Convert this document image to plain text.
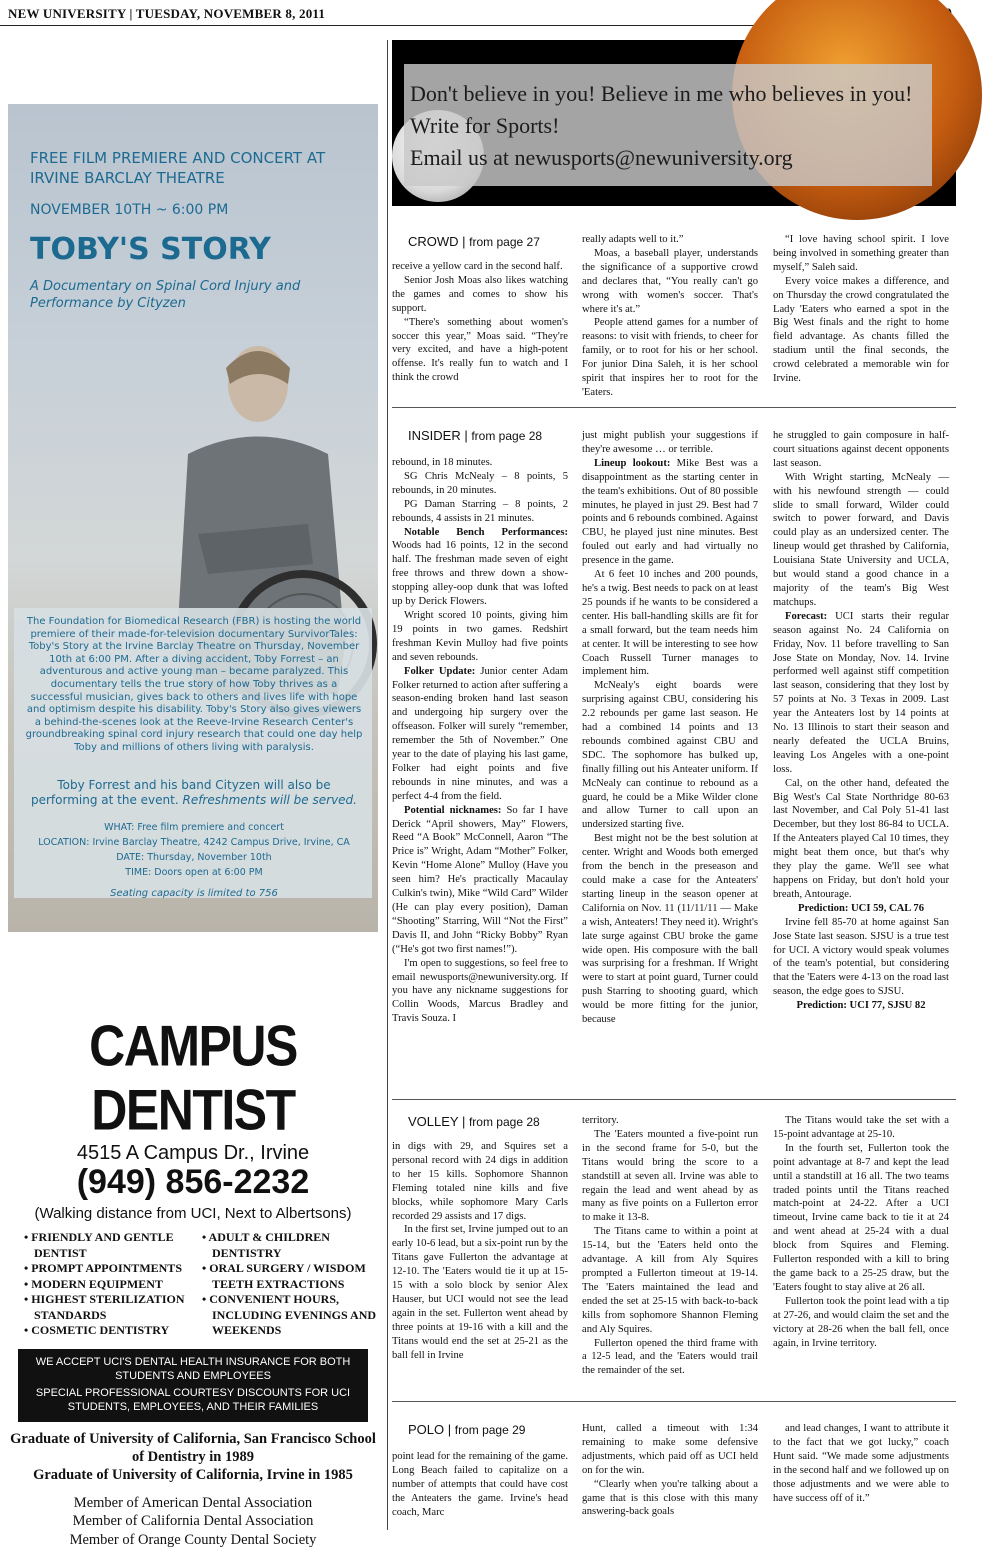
NEW UNIVERSITY | TUESDAY, NOVEMBER 8, 2011
FREE FILM PREMIERE AND CONCERT AT IRVINE BARCLAY THEATRE
NOVEMBER 10TH ~ 6:00 PM
TOBY'S STORY
A Documentary on Spinal Cord Injury and Performance by Cityzen
The Foundation for Biomedical Research (FBR) is hosting the world premiere of their made-for-television documentary SurvivorTales: Toby's Story at the Irvine Barclay Theatre on Thursday, November 10th at 6:00 PM. After a diving accident, Toby Forrest – an adventurous and active young man – became paralyzed. This documentary tells the true story of how Toby thrives as a successful musician, gives back to others and lives life with hope and optimism despite his disability. Toby's Story also gives viewers a behind-the-scenes look at the Reeve-Irvine Research Center's groundbreaking spinal cord injury research that could one day help Toby and millions of others living with paralysis.
Toby Forrest and his band Cityzen will also be performing at the event. Refreshments will be served.
WHAT: Free film premiere and concert
LOCATION: Irvine Barclay Theatre, 4242 Campus Drive, Irvine, CA
DATE: Thursday, November 10th
TIME: Doors open at 6:00 PM
Seating capacity is limited to 756
CAMPUS DENTIST
4515 A Campus Dr., Irvine
(949) 856-2232
(Walking distance from UCI, Next to Albertsons)
• FRIENDLY AND GENTLE DENTIST
• PROMPT APPOINTMENTS
• MODERN EQUIPMENT
• HIGHEST STERILIZATION STANDARDS
• COSMETIC DENTISTRY
• ADULT & CHILDREN DENTISTRY
• ORAL SURGERY / WISDOM TEETH EXTRACTIONS
• CONVENIENT HOURS, INCLUDING EVENINGS AND WEEKENDS
WE ACCEPT UCI'S DENTAL HEALTH INSURANCE FOR BOTH STUDENTS AND EMPLOYEES
SPECIAL PROFESSIONAL COURTESY DISCOUNTS FOR UCI STUDENTS, EMPLOYEES, AND THEIR FAMILIES
Graduate of University of California, San Francisco School of Dentistry in 1989
Graduate of University of California, Irvine in 1985
Member of American Dental Association
Member of California Dental Association
Member of Orange County Dental Society
Don't believe in you! Believe in me who believes in you! Write for Sports!
Email us at newusports@newuniversity.org
CROWD | from page 27

receive a yellow card in the second half.

Senior Josh Moas also likes watching the games and comes to show his support.

“There's something about women's soccer this year,” Moas said. “They're very excited, and have a high-potent offense. It's really fun to watch and I think the crowd

really adapts well to it.”

Moas, a baseball player, understands the significance of a supportive crowd and declares that, “You really can't go wrong with women's soccer. That's where it's at.”

People attend games for a number of reasons: to visit with friends, to cheer for family, or to root for his or her school. For junior Dina Saleh, it is her school spirit that inspires her to root for the 'Eaters.

“I love having school spirit. I love being involved in something greater than myself,” Saleh said.

Every voice makes a difference, and on Thursday the crowd congratulated the Lady 'Eaters who earned a spot in the Big West finals and the right to home field advantage. As chants filled the stadium until the final seconds, the crowd celebrated a memorable win for Irvine.

INSIDER | from page 28

rebound, in 18 minutes.

SG Chris McNealy – 8 points, 5 rebounds, in 20 minutes.

PG Daman Starring – 8 points, 2 rebounds, 4 assists in 21 minutes.

Notable Bench Performances: Woods had 16 points, 12 in the second half. The freshman made seven of eight free throws and threw down a show-stopping alley-oop dunk that was lofted up by Derick Flowers.

Wright scored 10 points, giving him 19 points in two games. Redshirt freshman Kevin Mulloy had five points and seven rebounds.

Folker Update: Junior center Adam Folker returned to action after suffering a season-ending broken hand last season and undergoing hip surgery over the offseason. Folker will surely “remember, remember the 5th of November.” One year to the date of playing his last game, Folker had eight points and five rebounds in nine minutes, and was a perfect 4-4 from the field.

Potential nicknames: So far I have Derick “April showers, May” Flowers, Reed “A Book” McConnell, Aaron “The Price is” Wright, Adam “Mother” Folker, Kevin “Home Alone” Mulloy (Have you seen him? He's practically Macaulay Culkin's twin), Mike “Wild Card” Wilder (He can play every position), Daman “Shooting” Starring, Will “Not the First” Davis II, and John “Ricky Bobby” Ryan (“He's got two first names!”).

I'm open to suggestions, so feel free to email newusports@newuniversity.org. If you have any nickname suggestions for Collin Woods, Marcus Bradley and Travis Souza. I

just might publish your suggestions if they're awesome … or terrible.

Lineup lookout: Mike Best was a disappointment as the starting center in the team's exhibitions. Out of 80 possible minutes, he played in just 29. Best had 7 points and 6 rebounds combined. Against CBU, he played just nine minutes. Best fouled out early and had virtually no presence in the game.

At 6 feet 10 inches and 200 pounds, he's a twig. Best needs to pack on at least 25 pounds if he wants to be considered a center. His ball-handling skills are fit for a small forward, but the team needs him at center. It will be interesting to see how Coach Russell Turner manages to implement him.

McNealy's eight boards were surprising against CBU, considering his 2.2 rebounds per game last season. He had a combined 14 points and 13 rebounds combined against CBU and SDC. The sophomore has bulked up, finally filling out his Anteater uniform. If McNealy can continue to rebound as a guard, he could be a Mike Wilder clone and allow Turner to call upon an undersized starting five.

Best might not be the best solution at center. Wright and Woods both emerged from the bench in the preseason and could make a case for the Anteaters' starting lineup in the season opener at California on Nov. 11 (11/11/11 — Make a wish, Anteaters! They need it). Wright's late surge against CBU broke the game wide open. His composure with the ball was surprising for a freshman. If Wright were to start at point guard, Turner could push Starring to shooting guard, which would be more fitting for the junior, because

he struggled to gain composure in half-court situations against decent opponents last season.

With Wright starting, McNealy — with his newfound strength — could slide to small forward, Wilder could switch to power forward, and Davis could play as an undersized center. The lineup would get thrashed by California, Louisiana State University and UCLA, but would stand a good chance in a majority of the team's Big West matchups.

Forecast: UCI starts their regular season against No. 24 California on Friday, Nov. 11 before travelling to San Jose State on Monday, Nov. 14. Irvine performed well against stiff competition last season, considering that they lost by 57 points at No. 3 Texas in 2009. Last year the Anteaters lost by 14 points at No. 13 Illinois to start their season and nearly defeated the UCLA Bruins, leaving Los Angeles with a one-point loss.

Cal, on the other hand, defeated the Big West's Cal State Northridge 80-63 last November, and Cal Poly 51-41 last December, but they lost 86-84 to UCLA. If the Anteaters played Cal 10 times, they might beat them once, but that's why they play the game. We'll see what happens on Friday, but don't hold your breath, Antourage.

Prediction: UCI 59, CAL 76

Irvine fell 85-70 at home against San Jose State last season. SJSU is a true test for UCI. A victory would speak volumes of the team's potential, but considering that the 'Eaters were 4-13 on the road last season, the edge goes to SJSU.

Prediction: UCI 77, SJSU 82

VOLLEY | from page 28

in digs with 29, and Squires set a personal record with 24 digs in addition to her 15 kills. Sophomore Shannon Fleming totaled nine kills and five blocks, while sophomore Mary Carls recorded 29 assists and 17 digs.

In the first set, Irvine jumped out to an early 10-6 lead, but a six-point run by the Titans gave Fullerton the advantage at 12-10. The 'Eaters would tie it up at 15-15 with a solo block by senior Alex Hauser, but UCI would not see the lead again in the set. Fullerton went ahead by three points at 19-16 with a kill and the Titans would end the set at 25-21 as the ball fell in Irvine

territory.

The 'Eaters mounted a five-point run in the second frame for 5-0, but the Titans would bring the score to a standstill at seven all. Irvine was able to regain the lead and went ahead by as many as five points on a Fullerton error to make it 13-8.

The Titans came to within a point at 15-14, but the 'Eaters held onto the advantage. A kill from Aly Squires prompted a Fullerton timeout at 19-14. The 'Eaters maintained the lead and ended the set at 25-15 with back-to-back kills from sophomore Shannon Fleming and Aly Squires.

Fullerton opened the third frame with a 12-5 lead, and the 'Eaters would trail the remainder of the set.

The Titans would take the set with a 15-point advantage at 25-10.

In the fourth set, Fullerton took the point advantage at 8-7 and kept the lead until a standstill at 16 all. The two teams traded points until the Titans reached match-point at 24-22. After a UCI timeout, Irvine came back to tie it at 24 and went ahead at 25-24 with a dual block from Squires and Fleming. Fullerton responded with a kill to bring the game back to a 25-25 draw, but the 'Eaters fought to stay alive at 26 all.

Fullerton took the point lead with a tip at 27-26, and would claim the set and the victory at 28-26 when the ball fell, once again, in Irvine territory.

POLO | from page 29

point lead for the remaining of the game. Long Beach failed to capitalize on a number of attempts that could have cost the Anteaters the game. Irvine's head coach, Marc

Hunt, called a timeout with 1:34 remaining to make some defensive adjustments, which paid off as UCI held on for the win.

“Clearly when you're talking about a game that is this close with this many answering-back goals

and lead changes, I want to attribute it to the fact that we got lucky,” coach Hunt said. “We made some adjustments in the second half and we followed up on those adjustments and we were able to have success off of it.”
